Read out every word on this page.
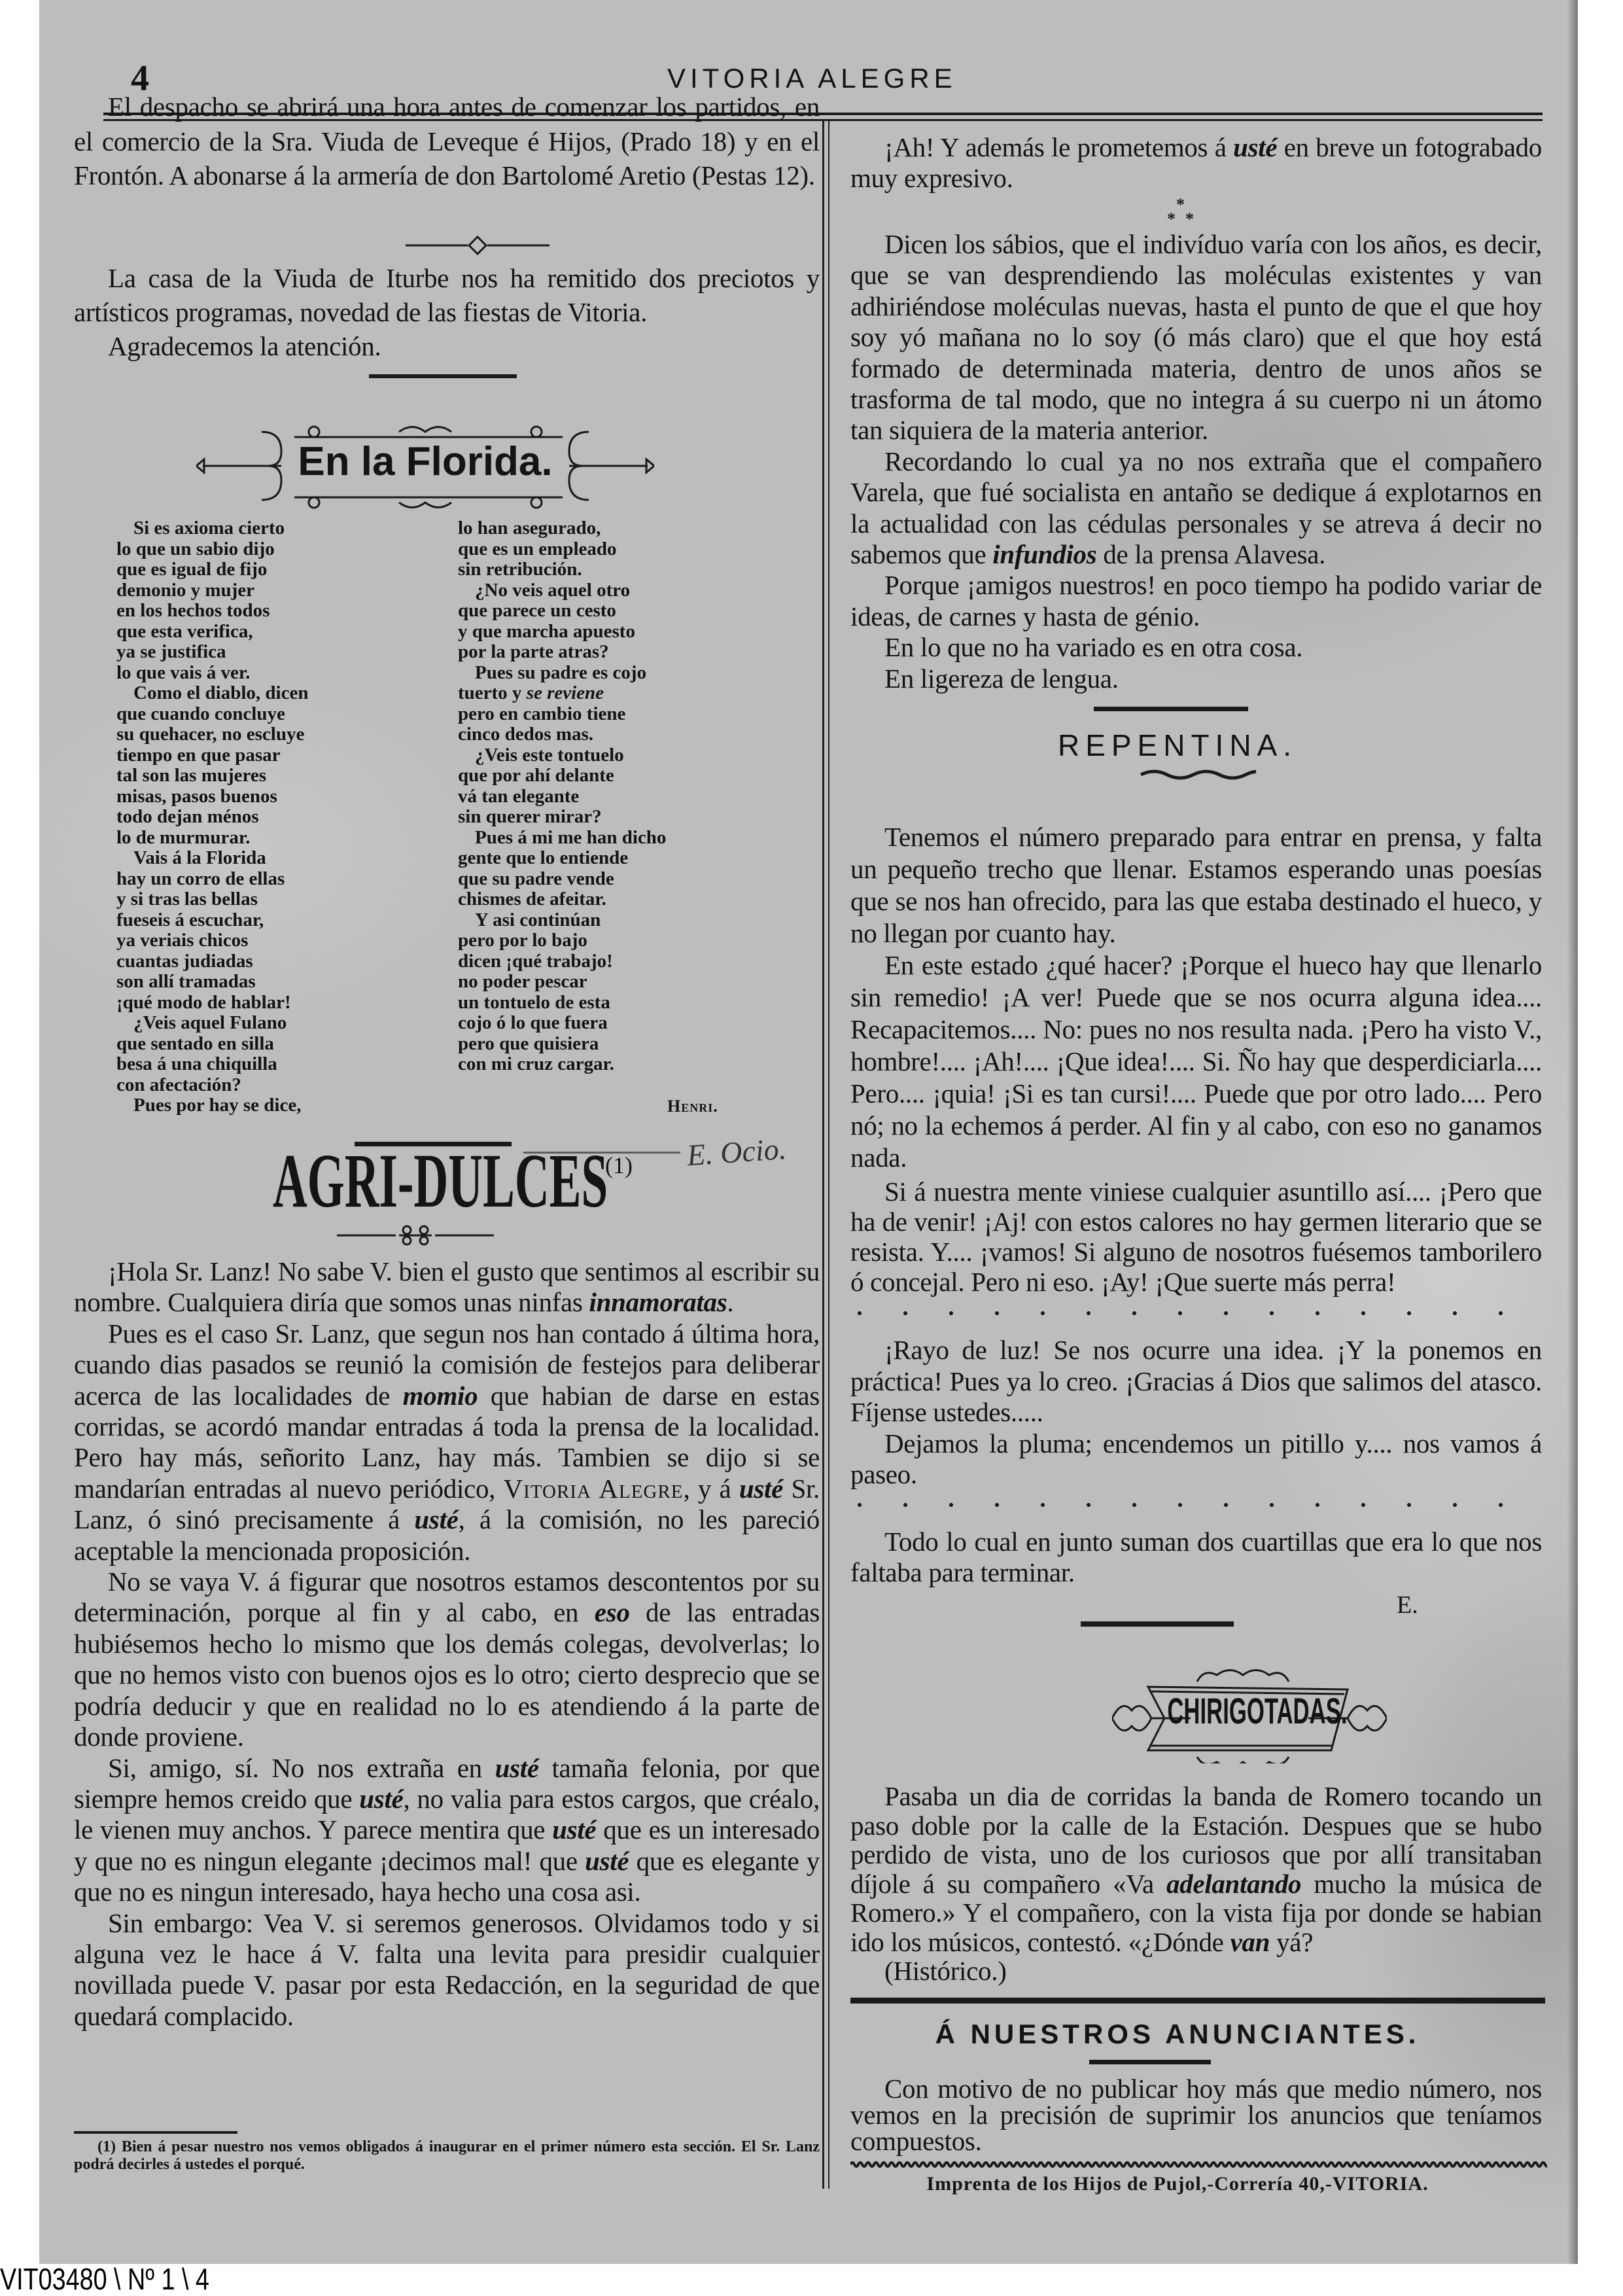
4	VITORIA ALEGRE

El despacho se abrirá una hora antes de comenzar los partidos, en el comercio de la Sra. Viuda de Leveque é Hijos, (Prado 18) y en el Frontón. A abonarse á la armería de don Bartolomé Aretio (Pestas 12).

La casa de la Viuda de Iturbe nos ha remitido dos preciotos y artísticos programas, novedad de las fiestas de Vitoria.

Agradecemos la atención.

En la Florida.
Si es axioma cierto
lo que un sabio dijo
que es igual de fijo
demonio y mujer
en los hechos todos
que esta verifica,
ya se justifica
lo que vais á ver.
Como el diablo, dicen
que cuando concluye
su quehacer, no escluye
tiempo en que pasar
tal son las mujeres
misas, pasos buenos
todo dejan ménos
lo de murmurar.
Vais á la Florida
hay un corro de ellas
y si tras las bellas
fueseis á escuchar,
ya veriais chicos
cuantas judiadas
son allí tramadas
¡qué modo de hablar!
¿Veis aquel Fulano
que sentado en silla
besa á una chiquilla
con afectación?
Pues por hay se dice,
lo han asegurado,
que es un empleado
sin retribución.
¿No veis aquel otro
que parece un cesto
y que marcha apuesto
por la parte atras?
Pues su padre es cojo
tuerto y se reviene
pero en cambio tiene
cinco dedos mas.
¿Veis este tontuelo
que por ahí delante
vá tan elegante
sin querer mirar?
Pues á mi me han dicho
gente que lo entiende
que su padre vende
chismes de afeitar.
Y asi continúan
pero por lo bajo
dicen ¡qué trabajo!
no poder pescar
un tontuelo de esta
cojo ó lo que fuera
pero que quisiera
con mi cruz cargar.
Henri.
E. Ocio.
AGRI-DULCES
(1)

¡Hola Sr. Lanz! No sabe V. bien el gusto que sentimos al escribir su nombre. Cualquiera diría que somos unas ninfas innamoratas.

Pues es el caso Sr. Lanz, que segun nos han contado á última hora, cuando dias pasados se reunió la comisión de festejos para deliberar acerca de las localidades de momio que habian de darse en estas corridas, se acordó mandar entradas á toda la prensa de la localidad. Pero hay más, señorito Lanz, hay más. Tambien se dijo si se mandarían entradas al nuevo periódico, Vitoria Alegre, y á usté Sr. Lanz, ó sinó precisamente á usté, á la comisión, no les pareció aceptable la mencionada proposición.

No se vaya V. á figurar que nosotros estamos descontentos por su determinación, porque al fin y al cabo, en eso de las entradas hubiésemos hecho lo mismo que los demás colegas, devolverlas; lo que no hemos visto con buenos ojos es lo otro; cierto desprecio que se podría deducir y que en realidad no lo es atendiendo á la parte de donde proviene.

Si, amigo, sí. No nos extraña en usté tamaña felonia, por que siempre hemos creido que usté, no valia para estos cargos, que créalo, le vienen muy anchos. Y parece mentira que usté que es un interesado y que no es ningun elegante ¡decimos mal! que usté que es elegante y que no es ningun interesado, haya hecho una cosa asi.

Sin embargo: Vea V. si seremos generosos. Olvidamos todo y si alguna vez le hace á V. falta una levita para presidir cualquier novillada puede V. pasar por esta Redacción, en la seguridad de que quedará complacido.

(1) Bien á pesar nuestro nos vemos obligados á inaugurar en el primer número esta sección. El Sr. Lanz podrá decirles á ustedes el porqué.

¡Ah! Y además le prometemos á usté en breve un fotograbado muy expresivo.

*
* *

Dicen los sábios, que el indivíduo varía con los años, es decir, que se van desprendiendo las moléculas existentes y van adhiriéndose moléculas nuevas, hasta el punto de que el que hoy soy yó mañana no lo soy (ó más claro) que el que hoy está formado de determinada materia, dentro de unos años se trasforma de tal modo, que no integra á su cuerpo ni un átomo tan siquiera de la materia anterior.

Recordando lo cual ya no nos extraña que el compañero Varela, que fué socialista en antaño se dedique á explotarnos en la actualidad con las cédulas personales y se atreva á decir no sabemos que infundios de la prensa Alavesa.

Porque ¡amigos nuestros! en poco tiempo ha podido variar de ideas, de carnes y hasta de génio.

En lo que no ha variado es en otra cosa.

En ligereza de lengua.

REPENTINA.

Tenemos el número preparado para entrar en prensa, y falta un pequeño trecho que llenar. Estamos esperando unas poesías que se nos han ofrecido, para las que estaba destinado el hueco, y no llegan por cuanto hay.

En este estado ¿qué hacer? ¡Porque el hueco hay que llenarlo sin remedio! ¡A ver! Puede que se nos ocurra alguna idea.... Recapacitemos.... No: pues no nos resulta nada. ¡Pero ha visto V., hombre!.... ¡Ah!.... ¡Que idea!.... Si. Ño hay que desperdiciarla.... Pero.... ¡quia! ¡Si es tan cursi!.... Puede que por otro lado.... Pero nó; no la echemos á perder. Al fin y al cabo, con eso no ganamos nada.

Si á nuestra mente viniese cualquier asuntillo así.... ¡Pero que ha de venir! ¡Aj! con estos calores no hay germen literario que se resista. Y.... ¡vamos! Si alguno de nosotros fuésemos tamborilero ó concejal. Pero ni eso. ¡Ay! ¡Que suerte más perra!

¡Rayo de luz! Se nos ocurre una idea. ¡Y la ponemos en práctica! Pues ya lo creo. ¡Gracias á Dios que salimos del atasco. Fíjense ustedes.....

Dejamos la pluma; encendemos un pitillo y.... nos vamos á paseo.

Todo lo cual en junto suman dos cuartillas que era lo que nos faltaba para terminar.

E.
CHIRIGOTADAS.

Pasaba un dia de corridas la banda de Romero tocando un paso doble por la calle de la Estación. Despues que se hubo perdido de vista, uno de los curiosos que por allí transitaban díjole á su compañero «Va adelantando mucho la música de Romero.» Y el compañero, con la vista fija por donde se habian ido los músicos, contestó. «¿Dónde van yá?

(Histórico.)

Á NUESTROS ANUNCIANTES.

Con motivo de no publicar hoy más que medio número, nos vemos en la precisión de suprimir los anuncios que teníamos compuestos.

Imprenta de los Hijos de Pujol,-Correría 40,-VITORIA.
VIT03480 \ Nº 1 \ 4
